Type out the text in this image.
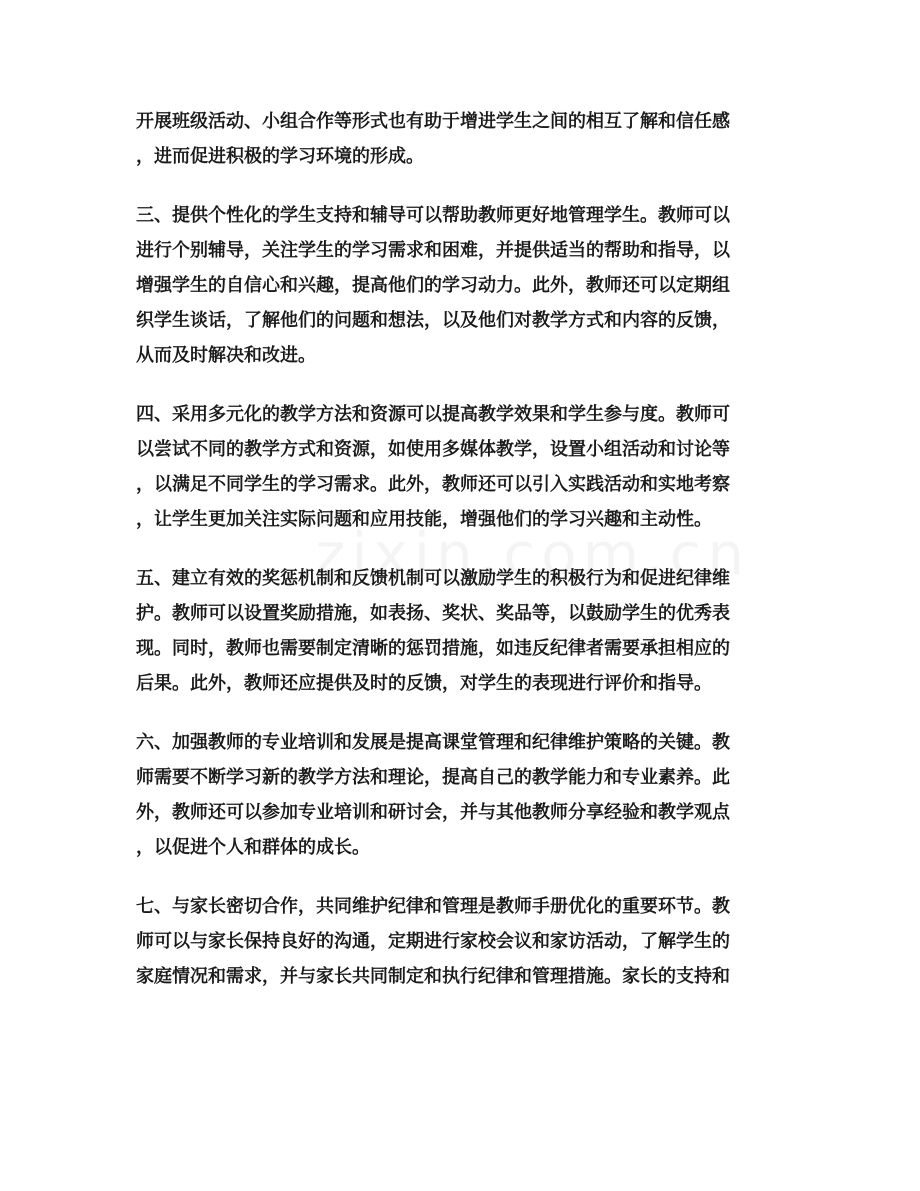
开展班级活动、小组合作等形式也有助于增进学生之间的相互了解和信任感
，进而促进积极的学习环境的形成。
三、提供个性化的学生支持和辅导可以帮助教师更好地管理学生。教师可以
进行个别辅导，关注学生的学习需求和困难，并提供适当的帮助和指导，以
增强学生的自信心和兴趣，提高他们的学习动力。此外，教师还可以定期组
织学生谈话，了解他们的问题和想法，以及他们对教学方式和内容的反馈，
从而及时解决和改进。
四、采用多元化的教学方法和资源可以提高教学效果和学生参与度。教师可
以尝试不同的教学方式和资源，如使用多媒体教学，设置小组活动和讨论等
，以满足不同学生的学习需求。此外，教师还可以引入实践活动和实地考察
，让学生更加关注实际问题和应用技能，增强他们的学习兴趣和主动性。
五、建立有效的奖惩机制和反馈机制可以激励学生的积极行为和促进纪律维
护。教师可以设置奖励措施，如表扬、奖状、奖品等，以鼓励学生的优秀表
现。同时，教师也需要制定清晰的惩罚措施，如违反纪律者需要承担相应的
后果。此外，教师还应提供及时的反馈，对学生的表现进行评价和指导。
六、加强教师的专业培训和发展是提高课堂管理和纪律维护策略的关键。教
师需要不断学习新的教学方法和理论，提高自己的教学能力和专业素养。此
外，教师还可以参加专业培训和研讨会，并与其他教师分享经验和教学观点
，以促进个人和群体的成长。
七、与家长密切合作，共同维护纪律和管理是教师手册优化的重要环节。教
师可以与家长保持良好的沟通，定期进行家校会议和家访活动，了解学生的
家庭情况和需求，并与家长共同制定和执行纪律和管理措施。家长的支持和
